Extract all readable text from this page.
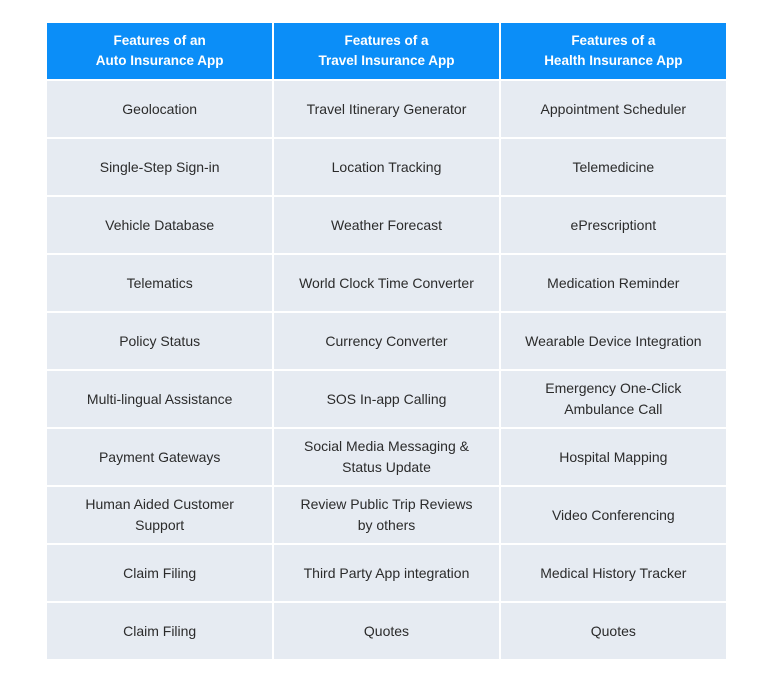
Features of an
Auto Insurance App	Features of a
Travel Insurance App	Features of a
Health Insurance App

Geolocation	Travel Itinerary Generator	Appointment Scheduler

Single-Step Sign-in	Location Tracking	Telemedicine

Vehicle Database	Weather Forecast	ePrescriptiont

Telematics	World Clock Time Converter	Medication Reminder

Policy Status	Currency Converter	Wearable Device Integration

Multi-lingual Assistance	SOS In-app Calling	Emergency One-Click
Ambulance Call

Payment Gateways	Social Media Messaging &
Status Update	Hospital Mapping

Human Aided Customer
Support	Review Public Trip Reviews
by others	Video Conferencing

Claim Filing	Third Party App integration	Medical History Tracker

Claim Filing	Quotes	Quotes
